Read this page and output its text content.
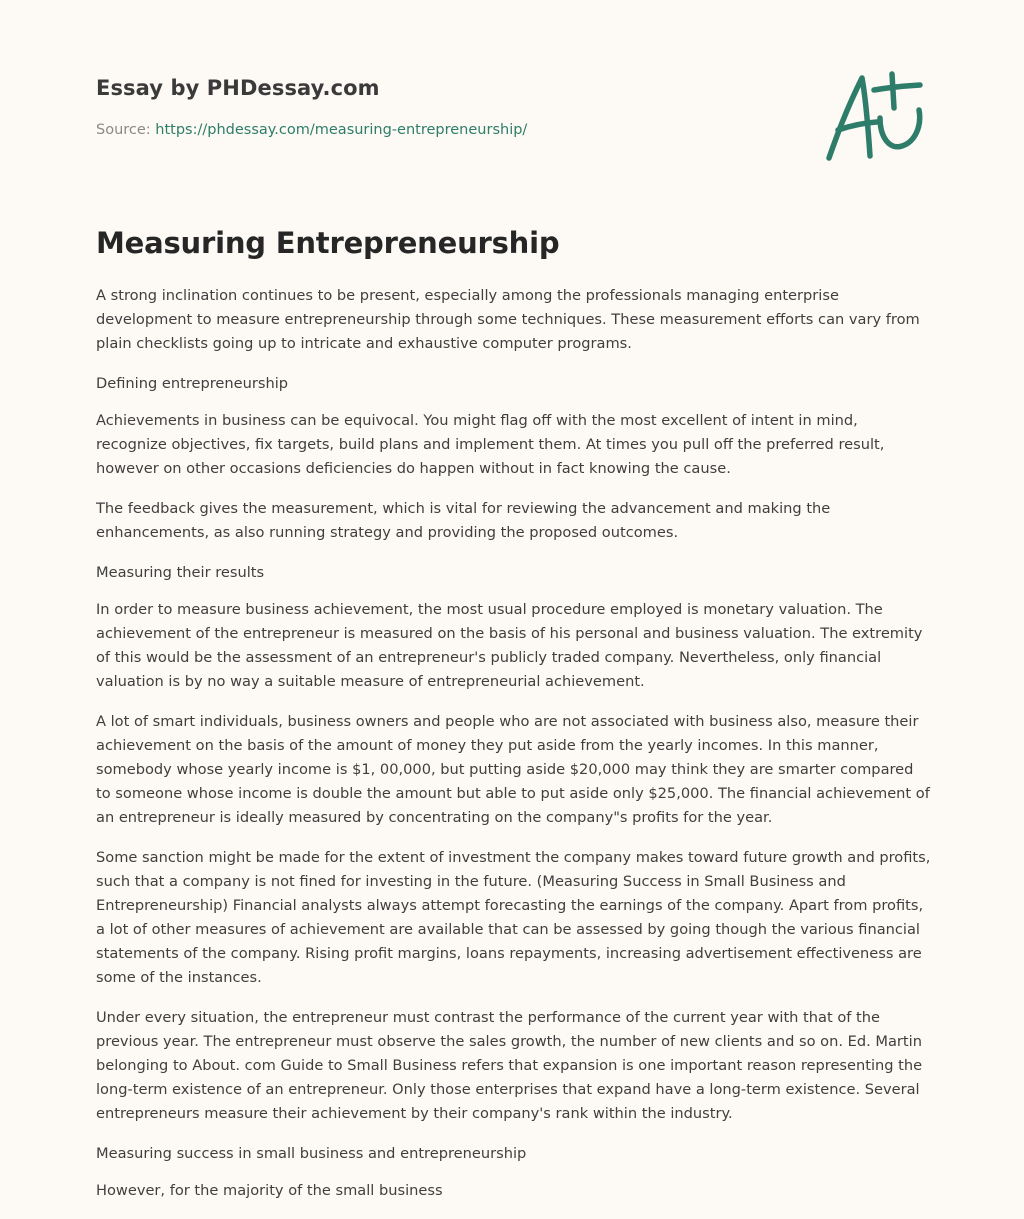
Essay by PHDessay.com
Source: https://phdessay.com/measuring-entrepreneurship/
Measuring Entrepreneurship

A strong inclination continues to be present, especially among the professionals managing enterprise development to measure entrepreneurship through some techniques. These measurement efforts can vary from plain checklists going up to intricate and exhaustive computer programs.

Defining entrepreneurship

Achievements in business can be equivocal. You might flag off with the most excellent of intent in mind, recognize objectives, fix targets, build plans and implement them. At times you pull off the preferred result, however on other occasions deficiencies do happen without in fact knowing the cause.

The feedback gives the measurement, which is vital for reviewing the advancement and making the enhancements, as also running strategy and providing the proposed outcomes.

Measuring their results

In order to measure business achievement, the most usual procedure employed is monetary valuation. The achievement of the entrepreneur is measured on the basis of his personal and business valuation. The extremity of this would be the assessment of an entrepreneur's publicly traded company. Nevertheless, only financial valuation is by no way a suitable measure of entrepreneurial achievement.

A lot of smart individuals, business owners and people who are not associated with business also, measure their achievement on the basis of the amount of money they put aside from the yearly incomes. In this manner, somebody whose yearly income is $1, 00,000, but putting aside $20,000 may think they are smarter compared to someone whose income is double the amount but able to put aside only $25,000. The financial achievement of an entrepreneur is ideally measured by concentrating on the company"s profits for the year.

Some sanction might be made for the extent of investment the company makes toward future growth and profits, such that a company is not fined for investing in the future. (Measuring Success in Small Business and Entrepreneurship) Financial analysts always attempt forecasting the earnings of the company. Apart from profits, a lot of other measures of achievement are available that can be assessed by going though the various financial statements of the company. Rising profit margins, loans repayments, increasing advertisement effectiveness are some of the instances.

Under every situation, the entrepreneur must contrast the performance of the current year with that of the previous year. The entrepreneur must observe the sales growth, the number of new clients and so on. Ed. Martin belonging to About. com Guide to Small Business refers that expansion is one important reason representing the long-term existence of an entrepreneur. Only those enterprises that expand have a long-term existence. Several entrepreneurs measure their achievement by their company's rank within the industry.

Measuring success in small business and entrepreneurship

However, for the majority of the small business
